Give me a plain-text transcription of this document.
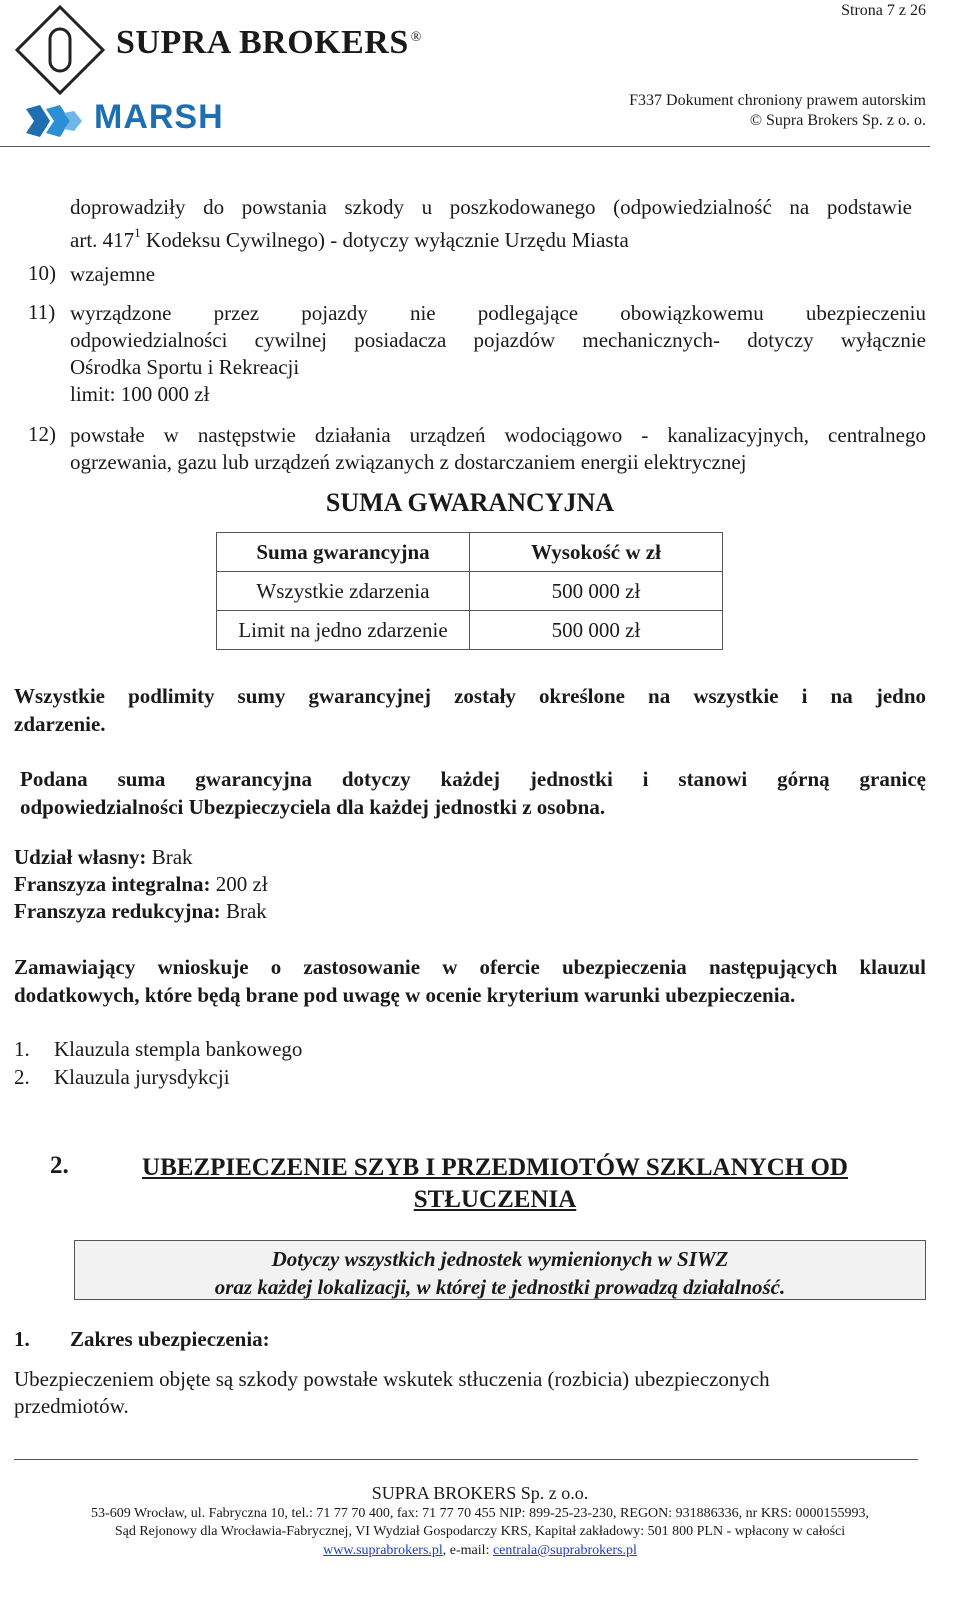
SUPRA BROKERS ®
MARSH
Strona 7 z 26
F337 Dokument chroniony prawem autorskim
© Supra Brokers Sp. z o. o.
doprowadziły do powstania szkody u poszkodowanego (odpowiedzialność na podstawie
art. $417^1$ Kodeksu Cywilnego) - dotyczy wyłącznie Urzędu Miasta
10) wzajemne
11) wyrządzone przez pojazdy nie podlegające obowiązkowemu ubezpieczeniu
odpowiedzialności cywilnej posiadacza pojazdów mechanicznych- dotyczy wyłącznie
Ośrodka Sportu i Rekreacji
limit: 100 000 zł
12) powstałe w następstwie działania urządzeń wodociągowo - kanalizacyjnych, centralnego
ogrzewania, gazu lub urządzeń związanych z dostarczaniem energii elektrycznej
SUMA GWARANCYJNA
Suma gwarancyjna	Wysokość w zł
Wszystkie zdarzenia	500 000 zł
Limit na jedno zdarzenie	500 000 zł
Wszystkie podlimity sumy gwarancyjnej zostały określone na wszystkie i na jedno
zdarzenie.
Podana suma gwarancyjna dotyczy każdej jednostki i stanowi górną granicę
odpowiedzialności Ubezpieczyciela dla każdej jednostki z osobna.
Udział własny: Brak
Franszyza integralna: 200 zł
Franszyza redukcyjna: Brak
Zamawiający wnioskuje o zastosowanie w ofercie ubezpieczenia następujących klauzul
dodatkowych, które będą brane pod uwagę w ocenie kryterium warunki ubezpieczenia.
1. Klauzula stempla bankowego
2. Klauzula jurysdykcji
2.	UBEZPIECZENIE SZYB I PRZEDMIOTÓW SZKLANYCH OD
STŁUCZENIA
Dotyczy wszystkich jednostek wymienionych w SIWZ
oraz każdej lokalizacji, w której te jednostki prowadzą działalność.
1. Zakres ubezpieczenia:
Ubezpieczeniem objęte są szkody powstałe wskutek stłuczenia (rozbicia) ubezpieczonych
przedmiotów.
SUPRA BROKERS Sp. z o.o.
53-609 Wrocław, ul. Fabryczna 10, tel.: 71 77 70 400, fax: 71 77 70 455 NIP: 899-25-23-230, REGON: 931886336, nr KRS: 0000155993,
Sąd Rejonowy dla Wrocławia-Fabrycznej, VI Wydział Gospodarczy KRS, Kapitał zakładowy: 501 800 PLN - wpłacony w całości
www.suprabrokers.pl, e-mail: centrala@suprabrokers.pl
